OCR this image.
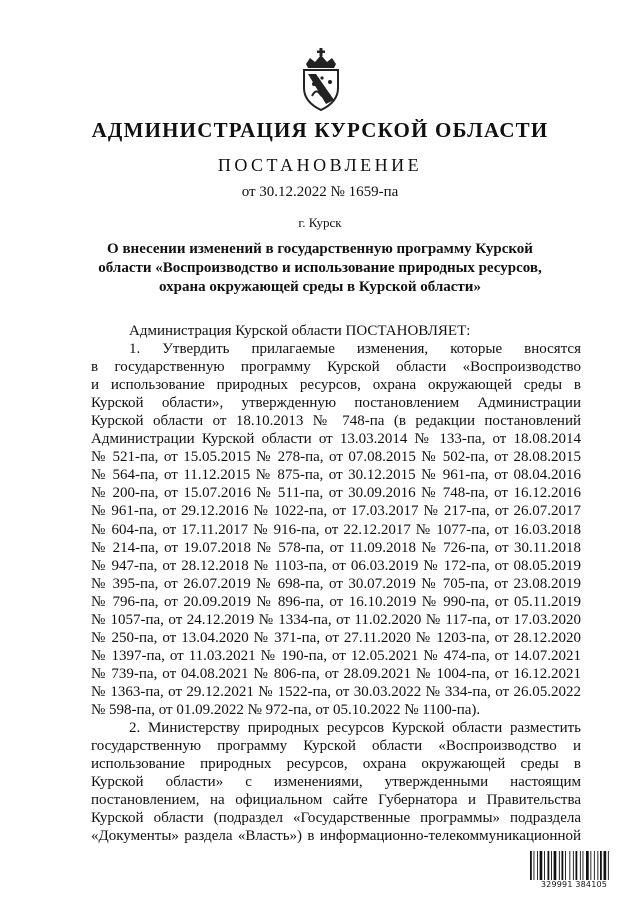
АДМИНИСТРАЦИЯ КУРСКОЙ ОБЛАСТИ
ПОСТАНОВЛЕНИЕ
от 30.12.2022 № 1659-па
г. Курск
О внесении изменений в государственную программу Курской
области «Воспроизводство и использование природных ресурсов,
охрана окружающей среды в Курской области»
Администрация Курской области ПОСТАНОВЛЯЕТ:
1. Утвердить прилагаемые изменения, которые вносятся
в государственную программу Курской области «Воспроизводство
и использование природных ресурсов, охрана окружающей среды в
Курской области», утвержденную постановлением Администрации
Курской области от 18.10.2013 № 748-па (в редакции постановлений
Администрации Курской области от 13.03.2014 № 133-па, от 18.08.2014
№ 521-па, от 15.05.2015 № 278-па, от 07.08.2015 № 502-па, от 28.08.2015
№ 564-па, от 11.12.2015 № 875-па, от 30.12.2015 № 961-па, от 08.04.2016
№ 200-па, от 15.07.2016 № 511-па, от 30.09.2016 № 748-па, от 16.12.2016
№ 961-па, от 29.12.2016 № 1022-па, от 17.03.2017 № 217-па, от 26.07.2017
№ 604-па, от 17.11.2017 № 916-па, от 22.12.2017 № 1077-па, от 16.03.2018
№ 214-па, от 19.07.2018 № 578-па, от 11.09.2018 № 726-па, от 30.11.2018
№ 947-па, от 28.12.2018 № 1103-па, от 06.03.2019 № 172-па, от 08.05.2019
№ 395-па, от 26.07.2019 № 698-па, от 30.07.2019 № 705-па, от 23.08.2019
№ 796-па, от 20.09.2019 № 896-па, от 16.10.2019 № 990-па, от 05.11.2019
№ 1057-па, от 24.12.2019 № 1334-па, от 11.02.2020 № 117-па, от 17.03.2020
№ 250-па, от 13.04.2020 № 371-па, от 27.11.2020 № 1203-па, от 28.12.2020
№ 1397-па, от 11.03.2021 № 190-па, от 12.05.2021 № 474-па, от 14.07.2021
№ 739-па, от 04.08.2021 № 806-па, от 28.09.2021 № 1004-па, от 16.12.2021
№ 1363-па, от 29.12.2021 № 1522-па, от 30.03.2022 № 334-па, от 26.05.2022
№ 598-па, от 01.09.2022 № 972-па, от 05.10.2022 № 1100-па).
2. Министерству природных ресурсов Курской области разместить
государственную программу Курской области «Воспроизводство и
использование природных ресурсов, охрана окружающей среды в
Курской области» с изменениями, утвержденными настоящим
постановлением, на официальном сайте Губернатора и Правительства
Курской области (подраздел «Государственные программы» подраздела
«Документы» раздела «Власть») в информационно-телекоммуникационной
329991 384105
